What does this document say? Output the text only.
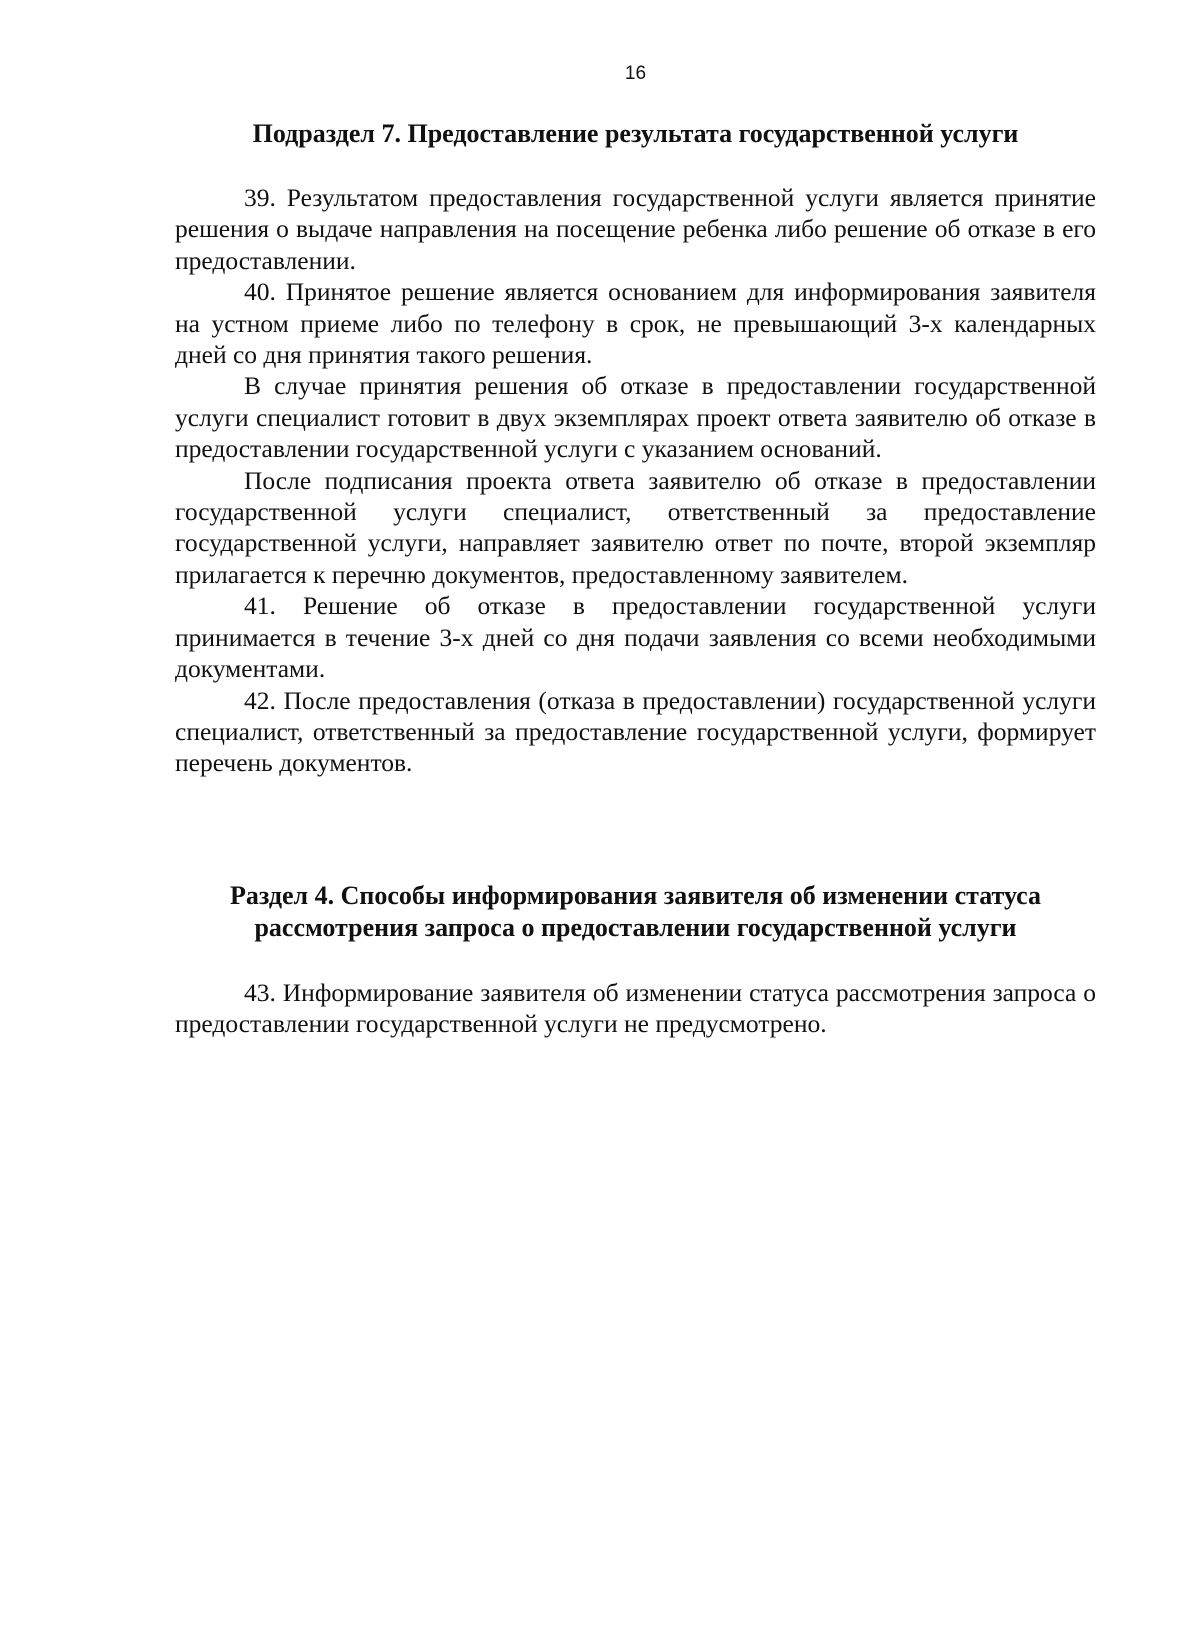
16
Подраздел 7. Предоставление результата государственной услуги

39. Результатом предоставления государственной услуги является принятие решения о выдаче направления на посещение ребенка либо решение об отказе в его предоставлении.

40. Принятое решение является основанием для информирования заявителя на устном приеме либо по телефону в срок, не превышающий 3-х календарных дней со дня принятия такого решения.

В случае принятия решения об отказе в предоставлении государственной услуги специалист готовит в двух экземплярах проект ответа заявителю об отказе в предоставлении государственной услуги с указанием оснований.

После подписания проекта ответа заявителю об отказе в предоставлении государственной услуги специалист, ответственный за предоставление государственной услуги, направляет заявителю ответ по почте, второй экземпляр прилагается к перечню документов, предоставленному заявителем.

41. Решение об отказе в предоставлении государственной услуги принимается в течение 3-х дней со дня подачи заявления со всеми необходимыми документами.

42. После предоставления (отказа в предоставлении) государственной услуги специалист, ответственный за предоставление государственной услуги, формирует перечень документов.

Раздел 4. Способы информирования заявителя об изменении статуса
рассмотрения запроса о предоставлении государственной услуги

43. Информирование заявителя об изменении статуса рассмотрения запроса о предоставлении государственной услуги не предусмотрено.
